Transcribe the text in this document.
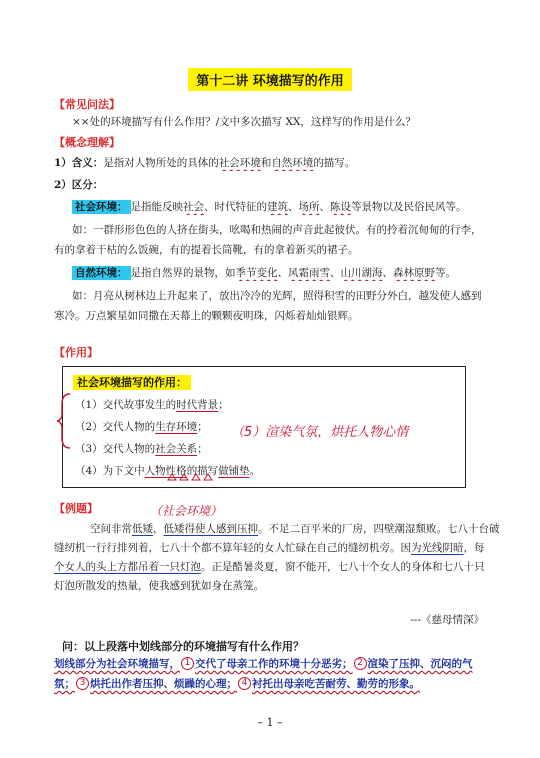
第十二讲 环境描写的作用
【常见问法】
××处的环境描写有什么作用？/文中多次描写 XX，这样写的作用是什么？
【概念理解】
1）含义：是指对人物所处的具体的社会环境和自然环境的描写。
2）区分：
社会环境： 是指能反映社会、时代特征的建筑、场所、陈设等景物以及民俗民风等。
如：一群形形色色的人挤在街头，吆喝和热闹的声音此起彼伏。有的拎着沉甸甸的行李，
有的拿着干枯的么饭碗，有的提着长筒靴，有的拿着新买的裙子。
自然环境： 是指自然界的景物，如季节变化、风霜雨雪、山川湖海、森林原野等。
如：月亮从树林边上升起来了，放出冷冷的光辉，照得积雪的田野分外白，越发使人感到
寒冷。万点繁星如同撒在天幕上的颗颗夜明珠，闪烁着灿灿银辉。
【作用】
社会环境描写的作用：
（1）交代故事发生的时代背景；
（2）交代人物的生存环境；
（3）交代人物的社会关系；
（4）为下文中人物性格的描写做铺垫。
（5）渲染气氛，烘托人物心情
【例题】	（社会环境）
空间非常低矮，低矮得使人感到压抑。不足二百平米的厂房，四壁潮湿颓败。七八十台破
缝纫机一行行排列着，七八十个都不算年轻的女人忙碌在自己的缝纫机旁。因为光线阴暗，每
个女人的头上方都吊着一只灯泡。正是酷暑炎夏，窗不能开，七八十个女人的身体和七八十只
灯泡所散发的热量，使我感到犹如身在蒸笼。
---《慈母情深》
问：以上段落中划线部分的环境描写有什么作用？
划线部分为社会环境描写， 1 交代了母亲工作的环境十分恶劣； 2 渲染了压抑、沉闷的气氛； 3 烘托出作者压抑、烦躁的心理； 4 衬托出母亲吃苦耐劳、勤劳的形象。
– 1 –
